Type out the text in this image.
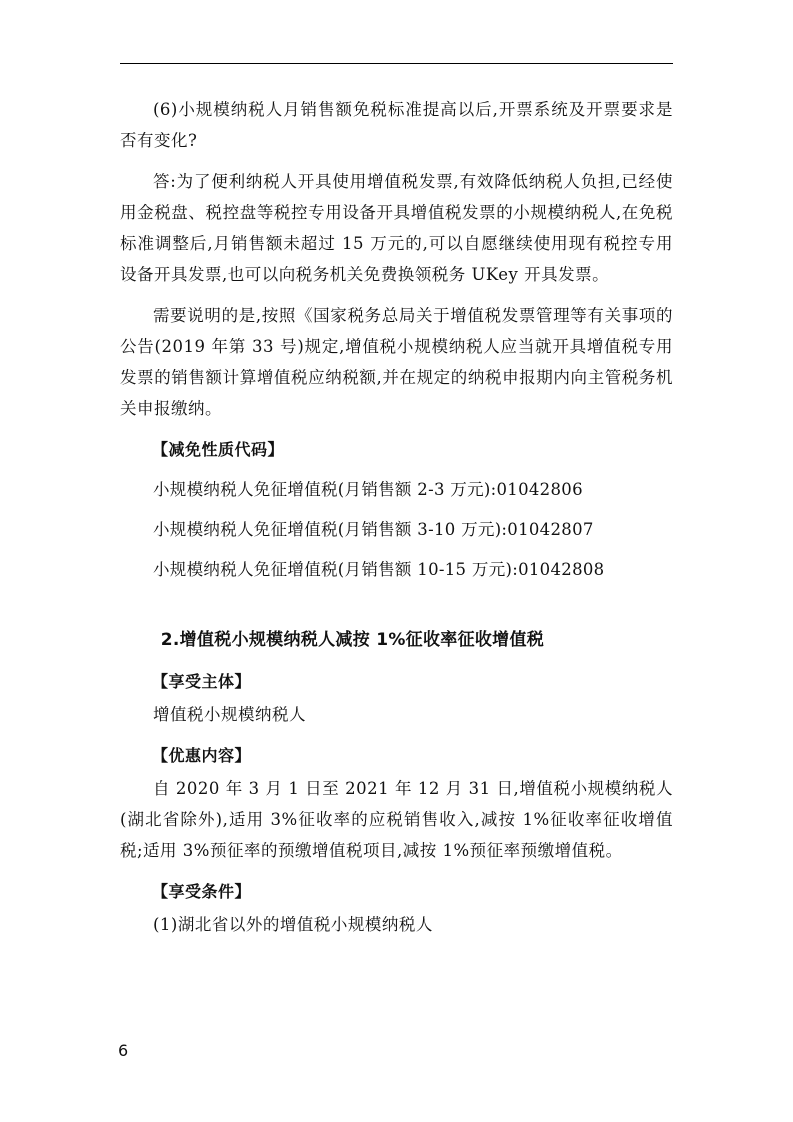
(6)小规模纳税人月销售额免税标准提高以后,开票系统及开票要求是否有变化?

答:为了便利纳税人开具使用增值税发票,有效降低纳税人负担,已经使用金税盘、税控盘等税控专用设备开具增值税发票的小规模纳税人,在免税标准调整后,月销售额未超过 15 万元的,可以自愿继续使用现有税控专用设备开具发票,也可以向税务机关免费换领税务 UKey 开具发票。

需要说明的是,按照《国家税务总局关于增值税发票管理等有关事项的公告(2019 年第 33 号)规定,增值税小规模纳税人应当就开具增值税专用发票的销售额计算增值税应纳税额,并在规定的纳税申报期内向主管税务机关申报缴纳。

【减免性质代码】
小规模纳税人免征增值税(月销售额 2-3 万元):01042806
小规模纳税人免征增值税(月销售额 3-10 万元):01042807
小规模纳税人免征增值税(月销售额 10-15 万元):01042808
2.增值税小规模纳税人减按 1%征收率征收增值税
【享受主体】

增值税小规模纳税人

【优惠内容】

自 2020 年 3 月 1 日至 2021 年 12 月 31 日,增值税小规模纳税人(湖北省除外),适用 3%征收率的应税销售收入,减按 1%征收率征收增值税;适用 3%预征率的预缴增值税项目,减按 1%预征率预缴增值税。

【享受条件】

(1)湖北省以外的增值税小规模纳税人

6
